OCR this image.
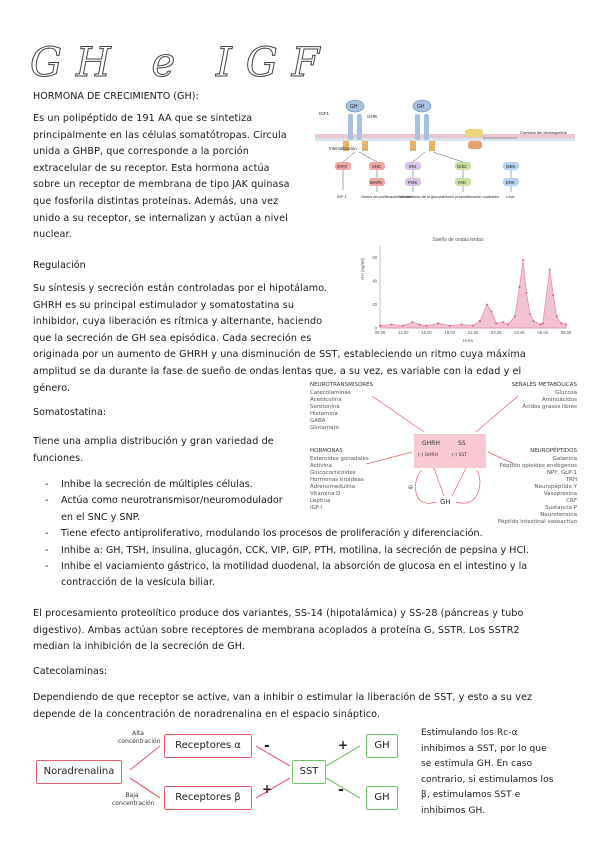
GH e IGF
HORMONA DE CRECIMIENTO (GH):
Es un polipéptido de 191 AA que se sintetiza
principalmente en las células somatótropas. Circula
unida a GHBP, que corresponde a la porción
extracelular de su receptor. Esta hormona actúa
sobre un receptor de membrana de tipo JAK quinasa
que fosforila distintas proteínas. Además, una vez
unido a su receptor, se internalizan y actúan a nivel
nuclear.
GH	GH
IGF1
GHR
Internalización
Cambios del citoesqueleto
STAT	SHC	IRS	Grb2	MEK
MAPK	PI3K	FAK	ERK
IGF-1	Genes de proliferación celular
Metabolismo de la glucosa Genes proproliferación nucleares c-fos
Regulación
Su síntesis y secreción están controladas por el hipotálamo.
GHRH es su principal estimulador y somatostatina su
inhibidor, cuya liberación es rítmica y alternante, haciendo
que la secreción de GH sea episódica. Cada secreción es
originada por un aumento de GHRH y una disminución de SST, estableciendo un ritmo cuya máxima
amplitud se da durante la fase de sueño de ondas lentas que, a su vez, es variable con la edad y el
género.
Sueño de ondas lentas
GH (ng/ml)
Hora
09.00	12.00	15.00	18.00	21.00	24.00	03.00	06.00	09.00
0
20
40
60
Somatostatina:
Tiene una amplia distribución y gran variedad de
funciones.
- Inhibe la secreción de múltiples células.
- Actúa como neurotransmisor/neuromodulador
en el SNC y SNP.
- Tiene efecto antiproliferativo, modulando los procesos de proliferación y diferenciación.
- Inhibe a: GH, TSH, insulina, glucagón, CCK, VIP, GIP, PTH, motilina, la secreción de pepsina y HCl.
- Inhibe el vaciamiento gástrico, la motilidad duodenal, la absorción de glucosa en el intestino y la
contracción de la vesícula biliar.
NEUROTRANSMISORES
Catecolaminas
Acetilcolina
Serotonina
Histamina
GABA
Glutamato
SEÑALES METABÓLICAS
Glucosa
Aminoácidos
Ácidos grasos libres
HORMONAS
Esteroides gonadales
Activina
Glucocorticoides
Hormonas tiroideas
Adrenomedulina
Vitamina D
Leptina
IGF-I
NEUROPÉPTIDOS
Galanina
Péptido opioides endógenos
NPY, GLP-1
TRH
Neuropéptido Y
Vasopresina
CRF
Sustancia P
Neurotensina
Péptido intestinal vasoactivo
GHRH	SS
(-) GHRH	(-) SST
GH
⊖
El procesamiento proteolítico produce dos variantes, SS-14 (hipotalámica) y SS-28 (páncreas y tubo
digestivo). Ambas actúan sobre receptores de membrana acoplados a proteína G, SSTR. Los SSTR2
median la inhibición de la secreción de GH.
Catecolaminas:
Dependiendo de que receptor se active, van a inhibir o estimular la liberación de SST, y esto a su vez
depende de la concentración de noradrenalina en el espacio sináptico.
Noradrenalina
Receptores α
Receptores β
SST
GH
GH
Alta concentración
Baja concentración
-
+
+
-
Estimulando los Rc-α
inhibimos a SST, por lo que
se estimula GH. En caso
contrario, si estimulamos los
β, estimulamos SST e
inhibimos GH.
